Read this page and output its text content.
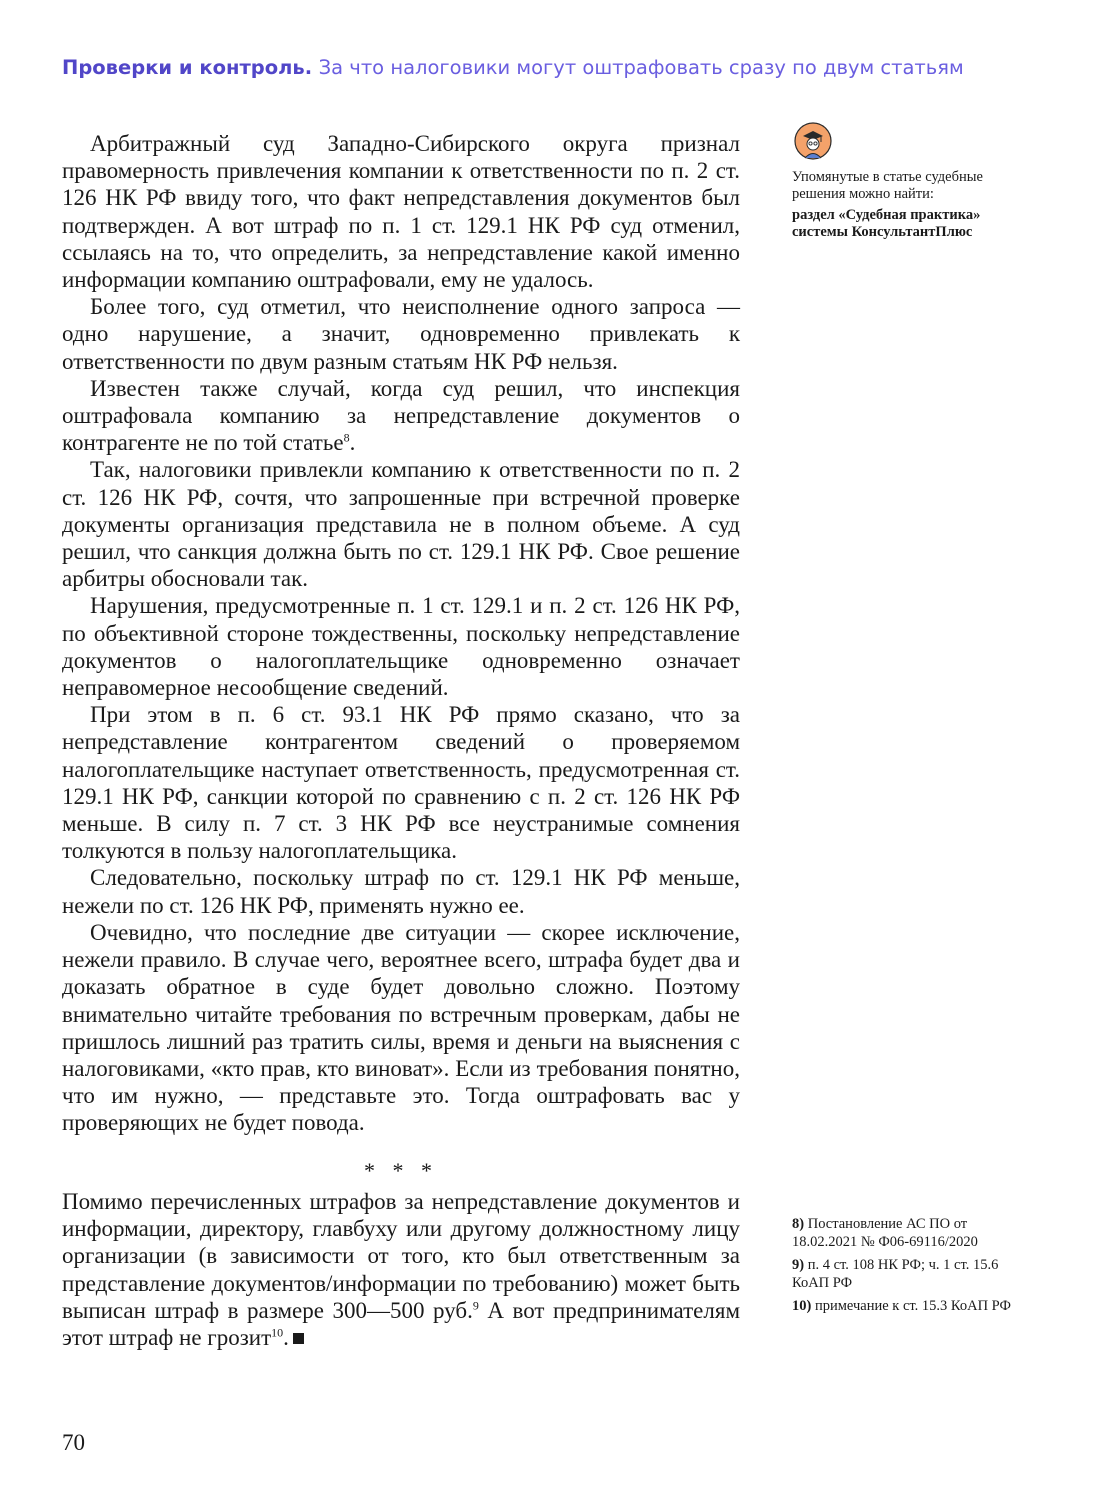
Проверки и контроль. За что налоговики могут оштрафовать сразу по двум статьям

Арбитражный суд Западно-Сибирского округа признал правомерность привлечения компании к ответственности по п. 2 ст. 126 НК РФ ввиду того, что факт непредставления документов был подтвержден. А вот штраф по п. 1 ст. 129.1 НК РФ суд отменил, ссылаясь на то, что определить, за непредставление какой именно информации компанию оштрафовали, ему не удалось.

Более того, суд отметил, что неисполнение одного запроса — одно нарушение, а значит, одновременно привлекать к ответственности по двум разным статьям НК РФ нельзя.

Известен также случай, когда суд решил, что инспекция оштрафовала компанию за непредставление документов о контрагенте не по той статье$^8$.

Так, налоговики привлекли компанию к ответственности по п. 2 ст. 126 НК РФ, сочтя, что запрошенные при встречной проверке документы организация представила не в полном объеме. А суд решил, что санкция должна быть по ст. 129.1 НК РФ. Свое решение арбитры обосновали так.

Нарушения, предусмотренные п. 1 ст. 129.1 и п. 2 ст. 126 НК РФ, по объективной стороне тождественны, поскольку непредставление документов о налогоплательщике одновременно означает неправомерное несообщение сведений.

При этом в п. 6 ст. 93.1 НК РФ прямо сказано, что за непредставление контрагентом сведений о проверяемом налогоплательщике наступает ответственность, предусмотренная ст. 129.1 НК РФ, санкции которой по сравнению с п. 2 ст. 126 НК РФ меньше. В силу п. 7 ст. 3 НК РФ все неустранимые сомнения толкуются в пользу налогоплательщика.

Следовательно, поскольку штраф по ст. 129.1 НК РФ меньше, нежели по ст. 126 НК РФ, применять нужно ее.

Очевидно, что последние две ситуации — скорее исключение, нежели правило. В случае чего, вероятнее всего, штрафа будет два и доказать обратное в суде будет довольно сложно. Поэтому внимательно читайте требования по встречным проверкам, дабы не пришлось лишний раз тратить силы, время и деньги на выяснения с налоговиками, «кто прав, кто виноват». Если из требования понятно, что им нужно, — представьте это. Тогда оштрафовать вас у проверяющих не будет повода.

* * *

Помимо перечисленных штрафов за непредставление документов и информации, директору, главбуху или другому должностному лицу организации (в зависимости от того, кто был ответственным за представление документов/информации по требованию) может быть выписан штраф в размере 300—500 руб.$^9$ А вот предпринимателям этот штраф не грозит$^{10}$.

Упомянутые в статье судебные решения можно найти:
раздел «Судебная практика» системы КонсультантПлюс
8) Постановление АС ПО от 18.02.2021 № Ф06-69116/2020
9) п. 4 ст. 108 НК РФ; ч. 1 ст. 15.6 КоАП РФ
10) примечание к ст. 15.3 КоАП РФ
70
